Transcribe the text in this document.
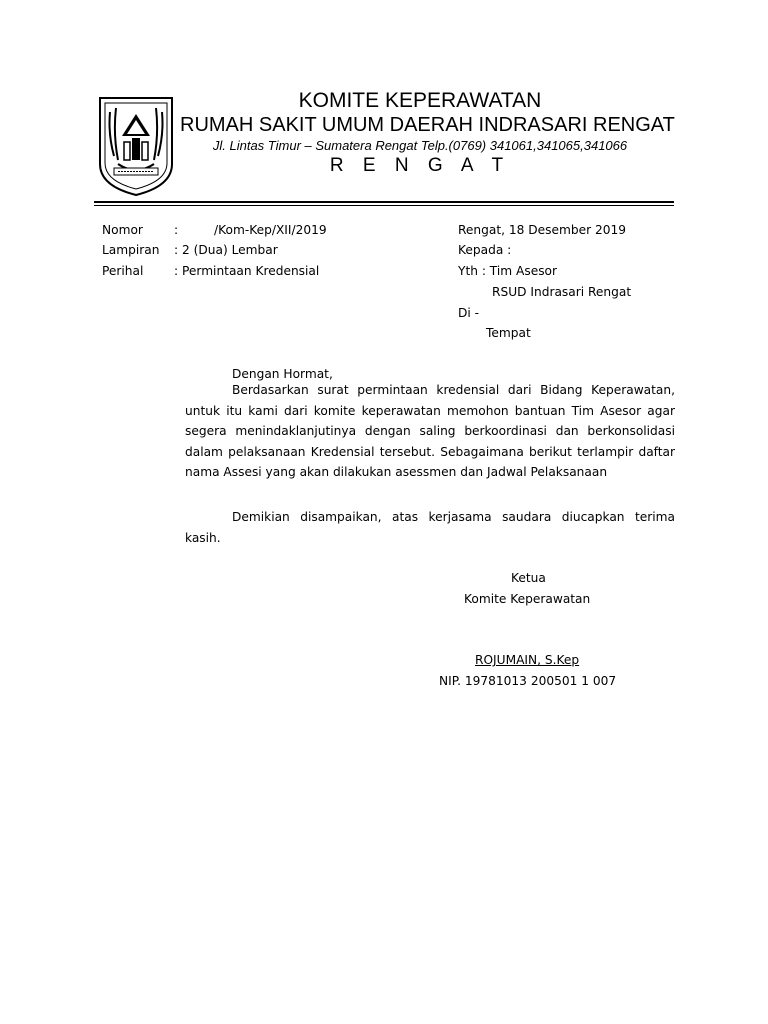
KOMITE KEPERAWATAN
RUMAH SAKIT UMUM DAERAH INDRASARI RENGAT
Jl. Lintas Timur – Sumatera Rengat Telp.(0769) 341061,341065,341066
R E N G A T
Nomor	:	/Kom-Kep/XII/2019
Lampiran : 2 (Dua) Lembar
Perihal	: Permintaan Kredensial
Rengat, 18 Desember 2019
Kepada :
Yth : Tim Asesor
RSUD Indrasari Rengat
Di -
Tempat
Dengan Hormat,
Berdasarkan surat permintaan kredensial dari Bidang Keperawatan, untuk itu kami dari komite keperawatan memohon bantuan Tim Asesor agar segera menindaklanjutinya dengan saling berkoordinasi dan berkonsolidasi dalam pelaksanaan Kredensial tersebut. Sebagaimana berikut terlampir daftar nama Assesi yang akan dilakukan asessmen dan Jadwal Pelaksanaan
Demikian disampaikan, atas kerjasama saudara diucapkan terima kasih.
Ketua
Komite Keperawatan
ROJUMAIN, S.Kep
NIP. 19781013 200501 1 007
